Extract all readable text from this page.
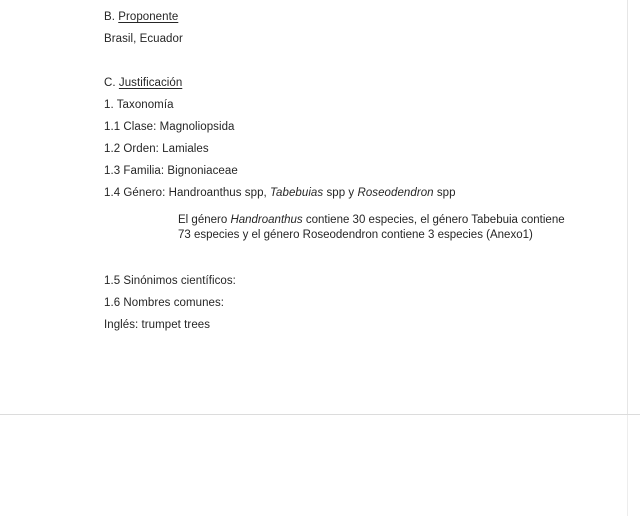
B. Proponente
Brasil, Ecuador
C. Justificación
1. Taxonomía
1.1 Clase: Magnoliopsida
1.2 Orden: Lamiales
1.3 Familia: Bignoniaceae
1.4 Género: Handroanthus spp, Tabebuias spp y Roseodendron spp
El género Handroanthus contiene 30 especies, el género Tabebuia contiene
73 especies y el género Roseodendron contiene 3 especies (Anexo1)
1.5 Sinónimos científicos:
1.6 Nombres comunes:
Inglés: trumpet trees
